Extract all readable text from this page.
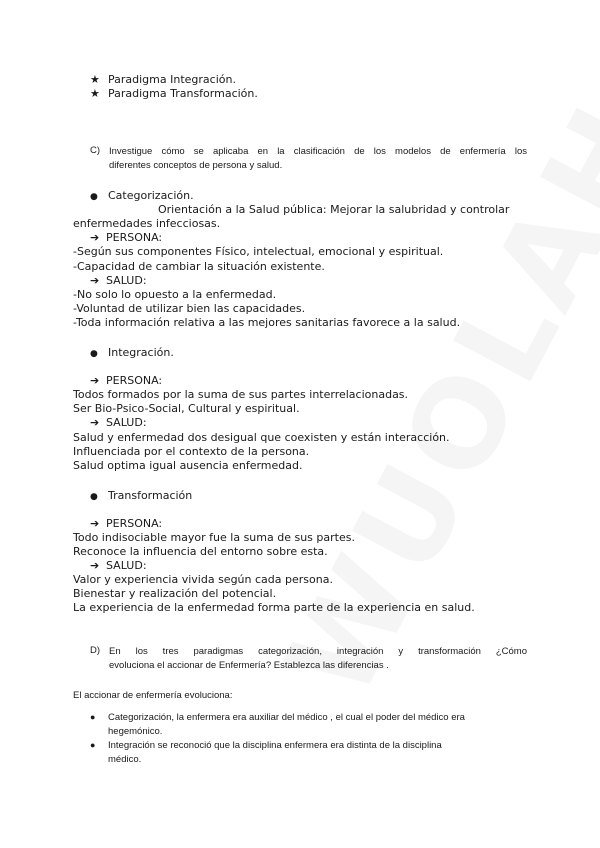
★ Paradigma Integración.
★ Paradigma Transformación.
C) Investigue cómo se aplicaba en la clasificación de los modelos de enfermería los
diferentes conceptos de persona y salud.
● Categorización.
Orientación a la Salud pública: Mejorar la salubridad y controlar
enfermedades infecciosas.
➔ PERSONA:
-Según sus componentes Físico, intelectual, emocional y espiritual.
-Capacidad de cambiar la situación existente.
➔ SALUD:
-No solo lo opuesto a la enfermedad.
-Voluntad de utilizar bien las capacidades.
-Toda información relativa a las mejores sanitarias favorece a la salud.
● Integración.
➔ PERSONA:
Todos formados por la suma de sus partes interrelacionadas.
Ser Bio-Psico-Social, Cultural y espiritual.
➔ SALUD:
Salud y enfermedad dos desigual que coexisten y están interacción.
Influenciada por el contexto de la persona.
Salud optima igual ausencia enfermedad.
● Transformación
➔ PERSONA:
Todo indisociable mayor fue la suma de sus partes.
Reconoce la influencia del entorno sobre esta.
➔ SALUD:
Valor y experiencia vivida según cada persona.
Bienestar y realización del potencial.
La experiencia de la enfermedad forma parte de la experiencia en salud.
D) En los tres paradigmas categorización, integración y transformación ¿Cómo
evoluciona el accionar de Enfermería? Establezca las diferencias .
El accionar de enfermería evoluciona:
● Categorización, la enfermera era auxiliar del médico , el cual el poder del médico era
hegemónico.
● Integración se reconoció que la disciplina enfermera era distinta de la disciplina
médico.
